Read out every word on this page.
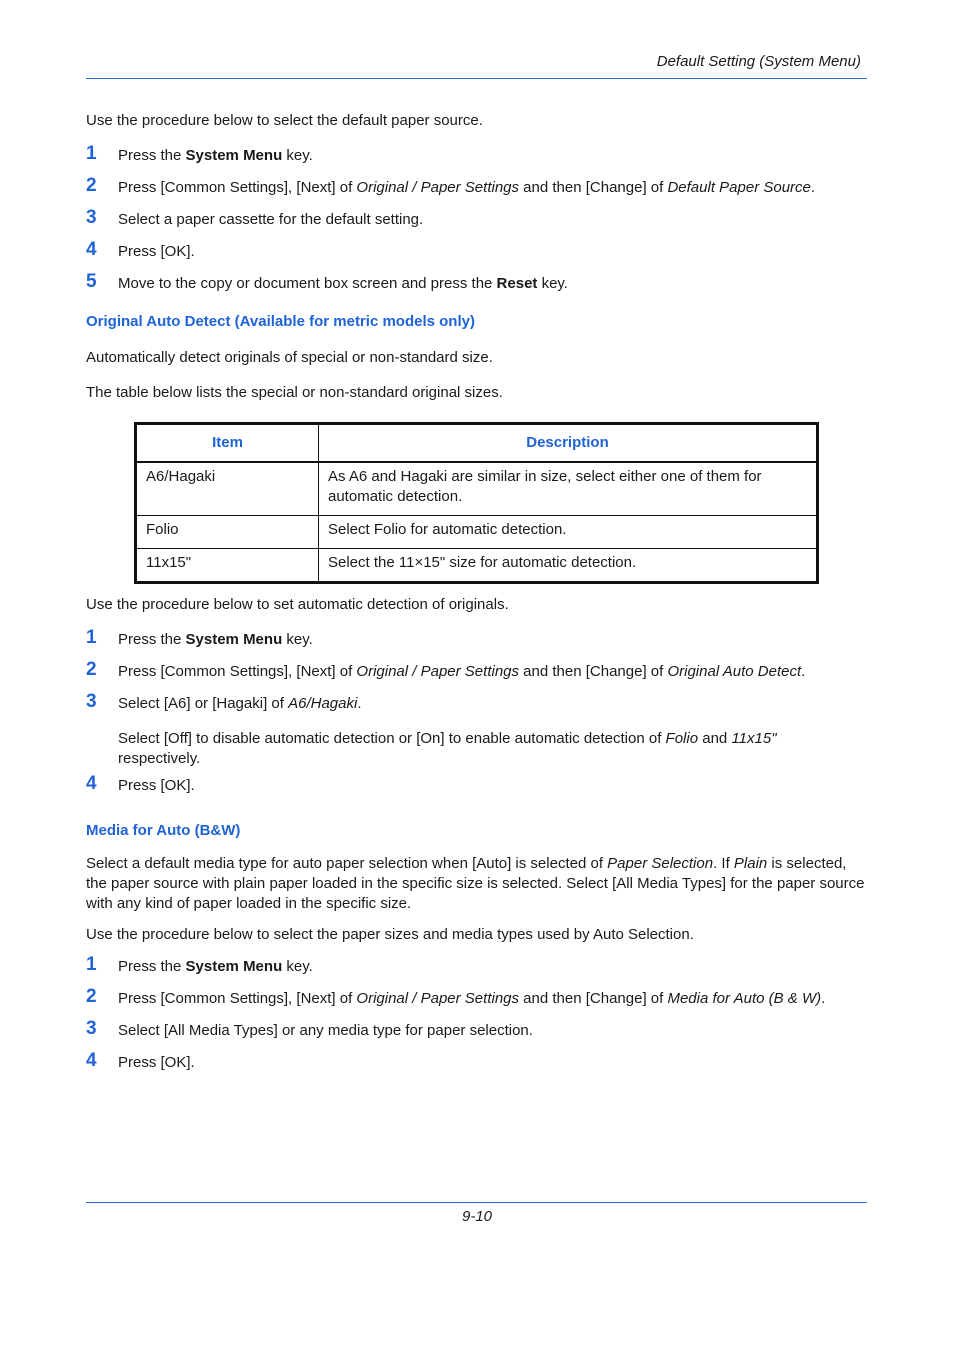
Default Setting (System Menu)
Use the procedure below to select the default paper source.
1	Press the System Menu key.
2	Press [Common Settings], [Next] of Original / Paper Settings and then [Change] of Default Paper Source.
3	Select a paper cassette for the default setting.
4	Press [OK].
5	Move to the copy or document box screen and press the Reset key.
Original Auto Detect (Available for metric models only)
Automatically detect originals of special or non-standard size.
The table below lists the special or non-standard original sizes.
Item	Description
A6/Hagaki	As A6 and Hagaki are similar in size, select either one of them for automatic detection.
Folio	Select Folio for automatic detection.
11x15"	Select the 11×15" size for automatic detection.
Use the procedure below to set automatic detection of originals.
1	Press the System Menu key.
2	Press [Common Settings], [Next] of Original / Paper Settings and then [Change] of Original Auto Detect.
3	Select [A6] or [Hagaki] of A6/Hagaki.
Select [Off] to disable automatic detection or [On] to enable automatic detection of Folio and 11x15" respectively.
4	Press [OK].
Media for Auto (B&W)
Select a default media type for auto paper selection when [Auto] is selected of Paper Selection. If Plain is selected, the paper source with plain paper loaded in the specific size is selected. Select [All Media Types] for the paper source with any kind of paper loaded in the specific size.
Use the procedure below to select the paper sizes and media types used by Auto Selection.
1	Press the System Menu key.
2	Press [Common Settings], [Next] of Original / Paper Settings and then [Change] of Media for Auto (B & W).
3	Select [All Media Types] or any media type for paper selection.
4	Press [OK].
9-10
